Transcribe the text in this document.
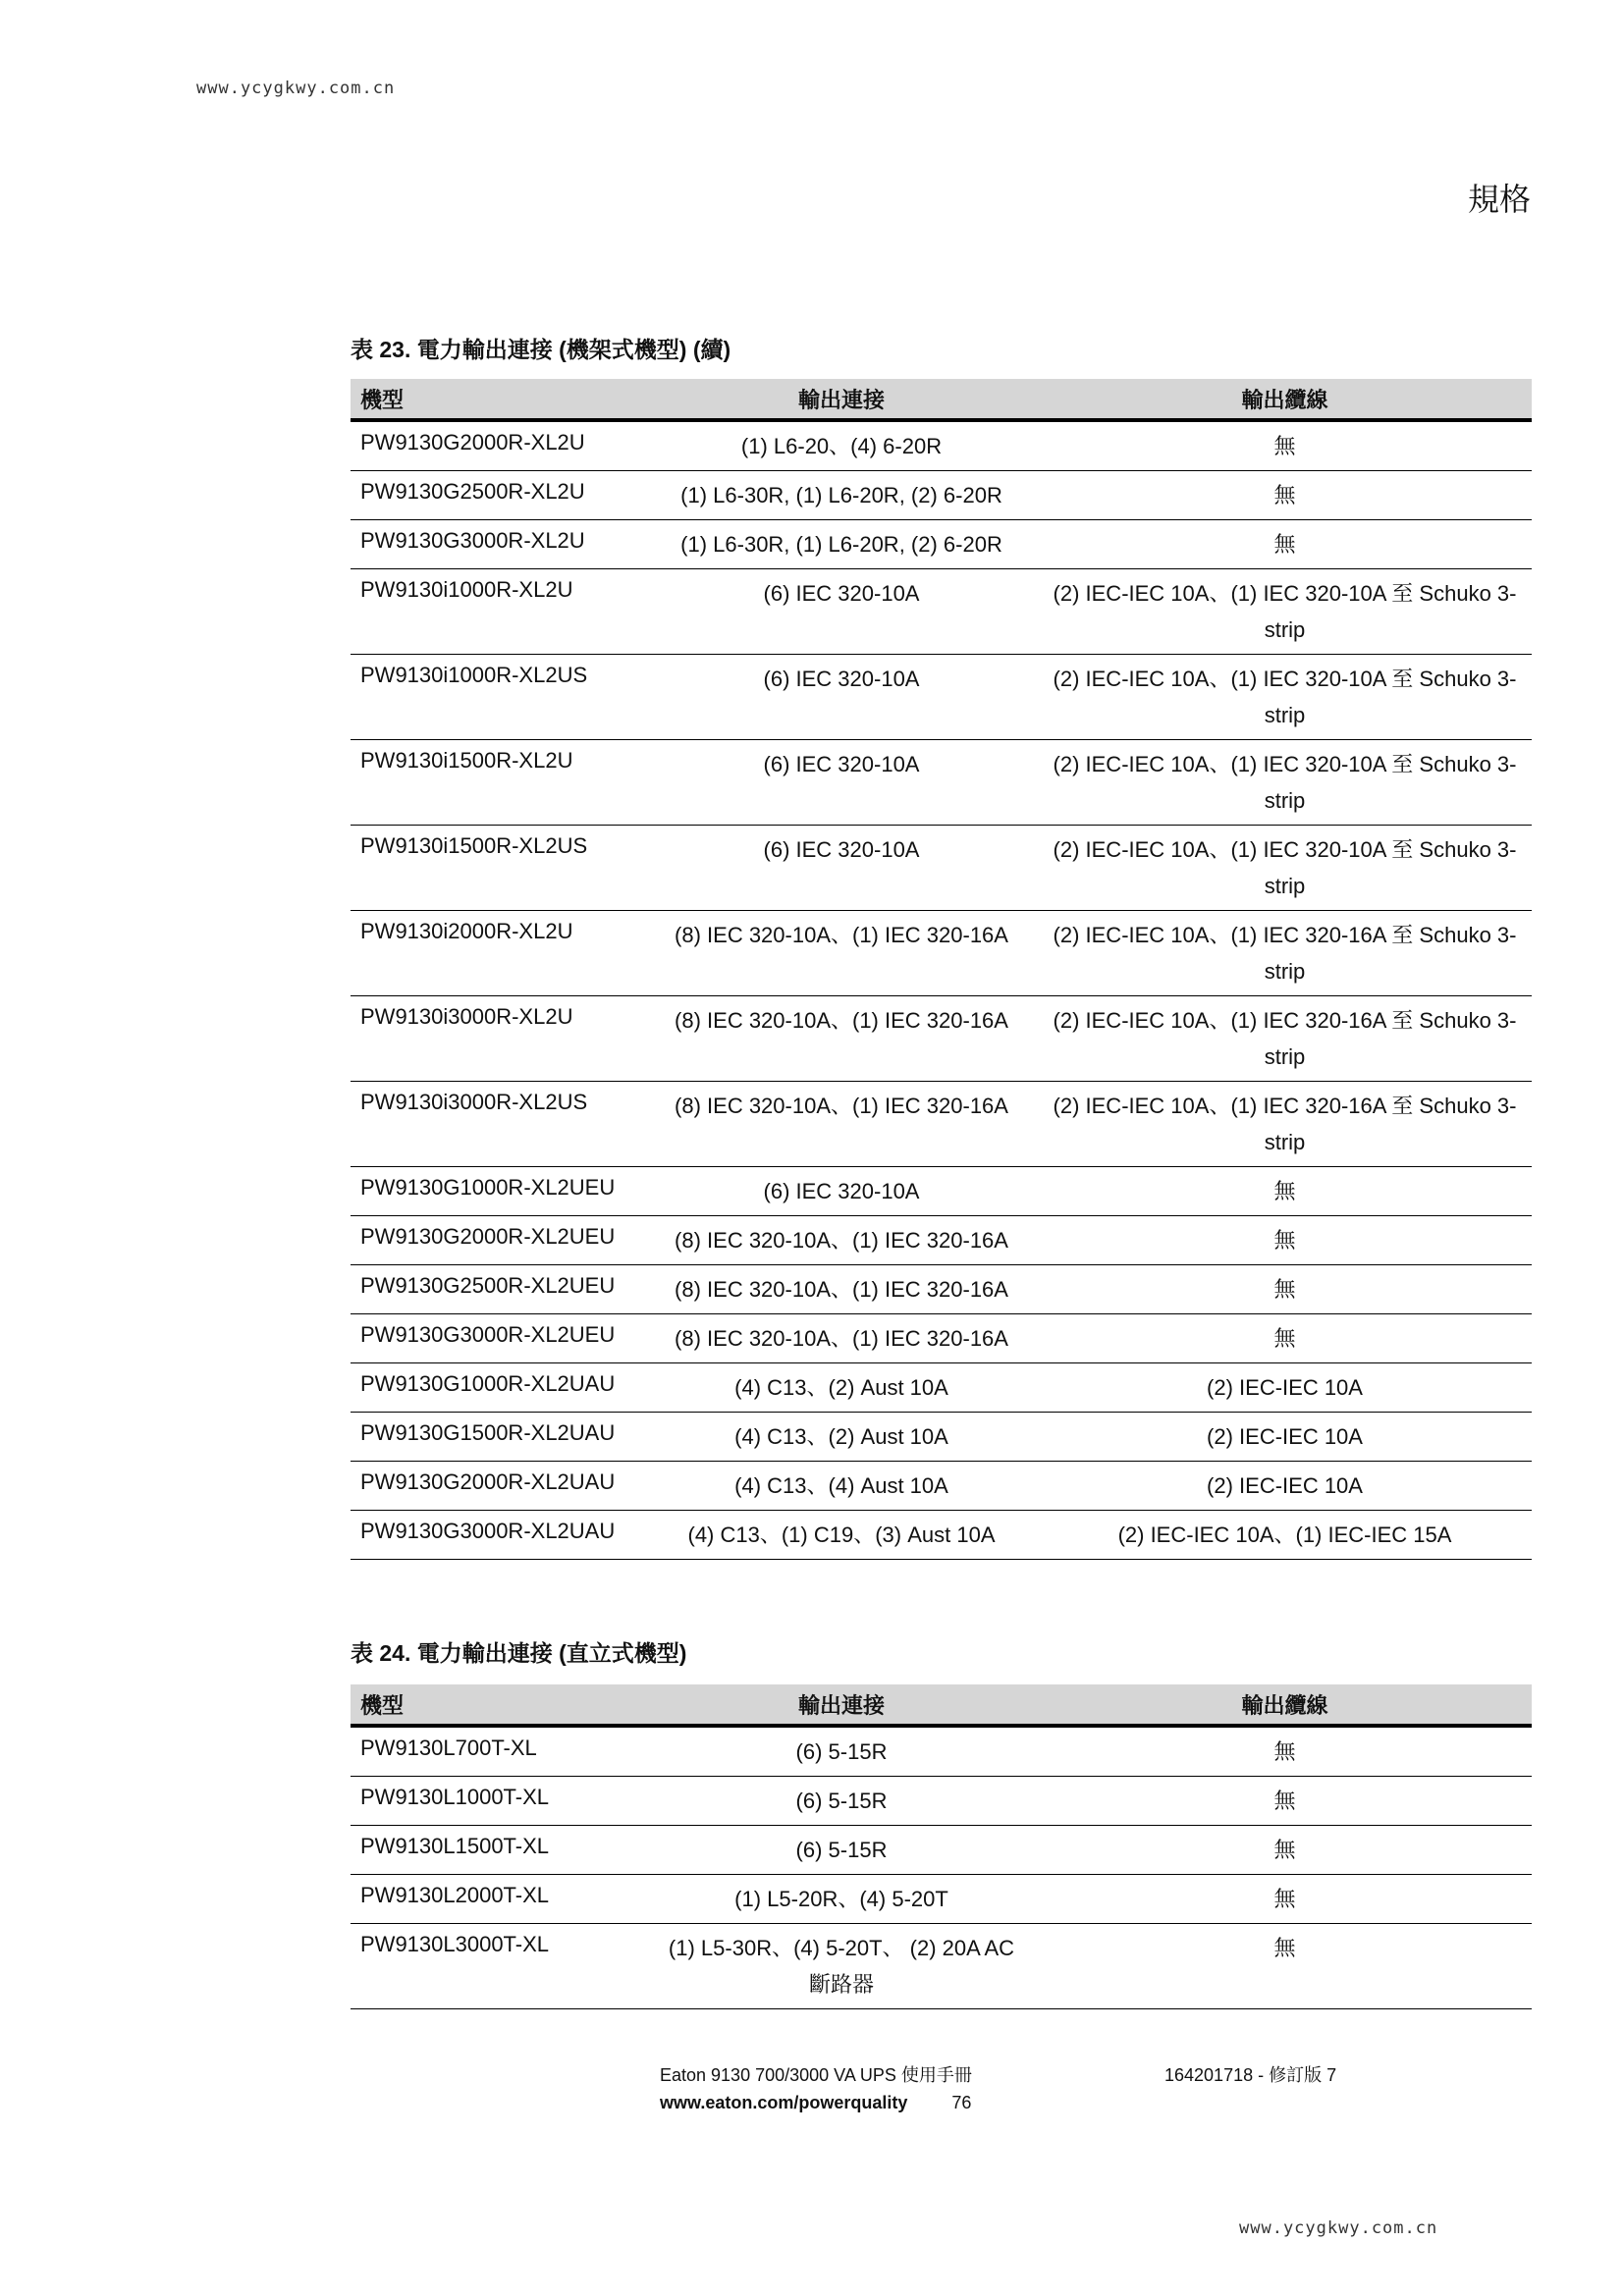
www.ycygkwy.com.cn
規格
表 23. 電力輸出連接 (機架式機型) (續)
機型	輸出連接	輸出纜線
PW9130G2000R-XL2U	(1) L6-20、(4) 6-20R	無
PW9130G2500R-XL2U	(1) L6-30R, (1) L6-20R, (2) 6-20R	無
PW9130G3000R-XL2U	(1) L6-30R, (1) L6-20R, (2) 6-20R	無
PW9130i1000R-XL2U	(6) IEC 320-10A	(2) IEC-IEC 10A、(1) IEC 320-10A 至 Schuko 3-strip
PW9130i1000R-XL2US	(6) IEC 320-10A	(2) IEC-IEC 10A、(1) IEC 320-10A 至 Schuko 3-strip
PW9130i1500R-XL2U	(6) IEC 320-10A	(2) IEC-IEC 10A、(1) IEC 320-10A 至 Schuko 3-strip
PW9130i1500R-XL2US	(6) IEC 320-10A	(2) IEC-IEC 10A、(1) IEC 320-10A 至 Schuko 3-strip
PW9130i2000R-XL2U	(8) IEC 320-10A、(1) IEC 320-16A	(2) IEC-IEC 10A、(1) IEC 320-16A 至 Schuko 3-strip
PW9130i3000R-XL2U	(8) IEC 320-10A、(1) IEC 320-16A	(2) IEC-IEC 10A、(1) IEC 320-16A 至 Schuko 3-strip
PW9130i3000R-XL2US	(8) IEC 320-10A、(1) IEC 320-16A	(2) IEC-IEC 10A、(1) IEC 320-16A 至 Schuko 3-strip
PW9130G1000R-XL2UEU	(6) IEC 320-10A	無
PW9130G2000R-XL2UEU	(8) IEC 320-10A、(1) IEC 320-16A	無
PW9130G2500R-XL2UEU	(8) IEC 320-10A、(1) IEC 320-16A	無
PW9130G3000R-XL2UEU	(8) IEC 320-10A、(1) IEC 320-16A	無
PW9130G1000R-XL2UAU	(4) C13、(2) Aust 10A	(2) IEC-IEC 10A
PW9130G1500R-XL2UAU	(4) C13、(2) Aust 10A	(2) IEC-IEC 10A
PW9130G2000R-XL2UAU	(4) C13、(4) Aust 10A	(2) IEC-IEC 10A
PW9130G3000R-XL2UAU	(4) C13、(1) C19、(3) Aust 10A	(2) IEC-IEC 10A、(1) IEC-IEC 15A
表 24. 電力輸出連接 (直立式機型)
機型	輸出連接	輸出纜線
PW9130L700T-XL	(6) 5-15R	無
PW9130L1000T-XL	(6) 5-15R	無
PW9130L1500T-XL	(6) 5-15R	無
PW9130L2000T-XL	(1) L5-20R、(4) 5-20T	無
PW9130L3000T-XL	(1) L5-30R、(4) 5-20T、 (2) 20A AC 斷路器	無
Eaton 9130 700/3000 VA UPS 使用手冊
www.eaton.com/powerquality	76
164201718 - 修訂版 7
www.ycygkwy.com.cn
